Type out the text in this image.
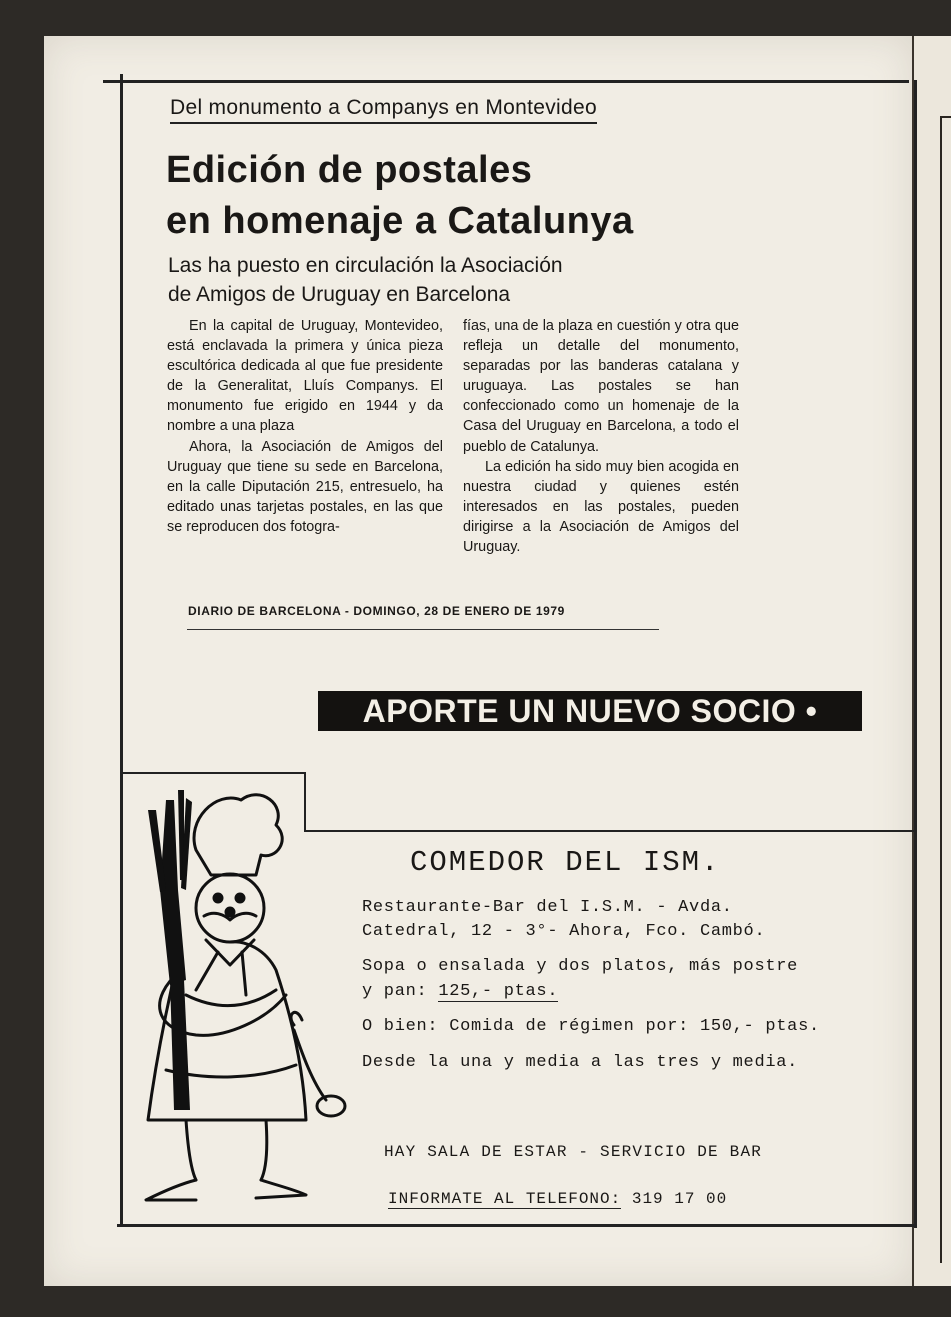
Del monumento a Companys en Montevideo
Edición de postales
en homenaje a Catalunya
Las ha puesto en circulación la Asociación
de Amigos de Uruguay en Barcelona

En la capital de Uruguay, Montevideo, está enclavada la primera y única pieza escultórica dedicada al que fue presidente de la Generalitat, Lluís Companys. El monumento fue erigido en 1944 y da nombre a una plaza

Ahora, la Asociación de Amigos del Uruguay que tiene su sede en Barcelona, en la calle Diputación 215, entresuelo, ha editado unas tarjetas postales, en las que se reproducen dos fotogra-

fías, una de la plaza en cuestión y otra que refleja un detalle del monumento, separadas por las banderas catalana y uruguaya. Las postales se han confeccionado como un homenaje de la Casa del Uruguay en Barcelona, a todo el pueblo de Catalunya.

La edición ha sido muy bien acogida en nuestra ciudad y quienes estén interesados en las postales, pueden dirigirse a la Asociación de Amigos del Uruguay.

DIARIO DE BARCELONA - DOMINGO, 28 DE ENERO DE 1979
APORTE UN NUEVO SOCIO •
COMEDOR DEL ISM.
Restaurante-Bar del I.S.M. - Avda.
Catedral, 12 - 3°- Ahora, Fco. Cambó.
Sopa o ensalada y dos platos, más postre
y pan: 125,- ptas.
O bien: Comida de régimen por: 150,- ptas.
Desde la una y media a las tres y media.
HAY SALA DE ESTAR - SERVICIO DE BAR
INFORMATE AL TELEFONO: 319 17 00
